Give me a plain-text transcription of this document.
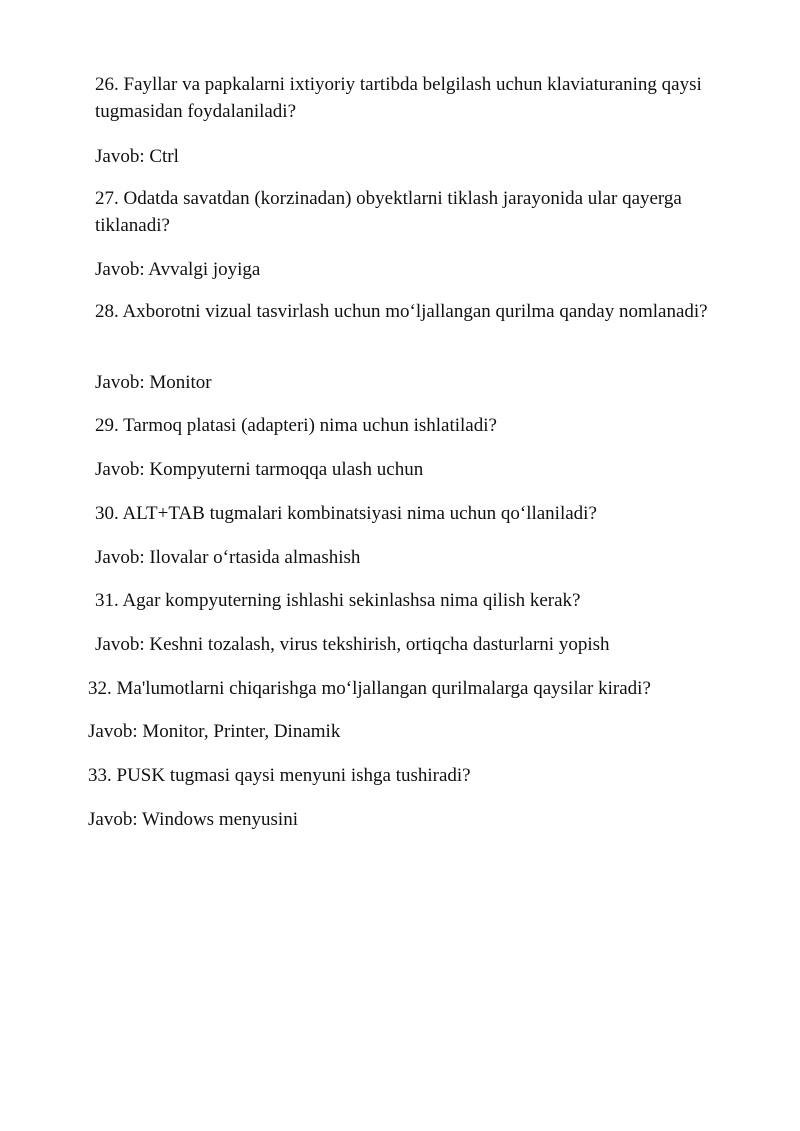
26. Fayllar va papkalarni ixtiyoriy tartibda belgilash uchun klaviaturaning qaysi tugmasidan foydalaniladi?

Javob: Ctrl

27. Odatda savatdan (korzinadan) obyektlarni tiklash jarayonida ular qayerga tiklanadi?

Javob: Avvalgi joyiga

28. Axborotni vizual tasvirlash uchun mo‘ljallangan qurilma qanday nomlanadi?

Javob: Monitor

29. Tarmoq platasi (adapteri) nima uchun ishlatiladi?

Javob: Kompyuterni tarmoqqa ulash uchun

30. ALT+TAB tugmalari kombinatsiyasi nima uchun qo‘llaniladi?

Javob: Ilovalar o‘rtasida almashish

31. Agar kompyuterning ishlashi sekinlashsa nima qilish kerak?

Javob: Keshni tozalash, virus tekshirish, ortiqcha dasturlarni yopish

32. Ma'lumotlarni chiqarishga mo‘ljallangan qurilmalarga qaysilar kiradi?

Javob: Monitor, Printer, Dinamik

33. PUSK tugmasi qaysi menyuni ishga tushiradi?

Javob: Windows menyusini
